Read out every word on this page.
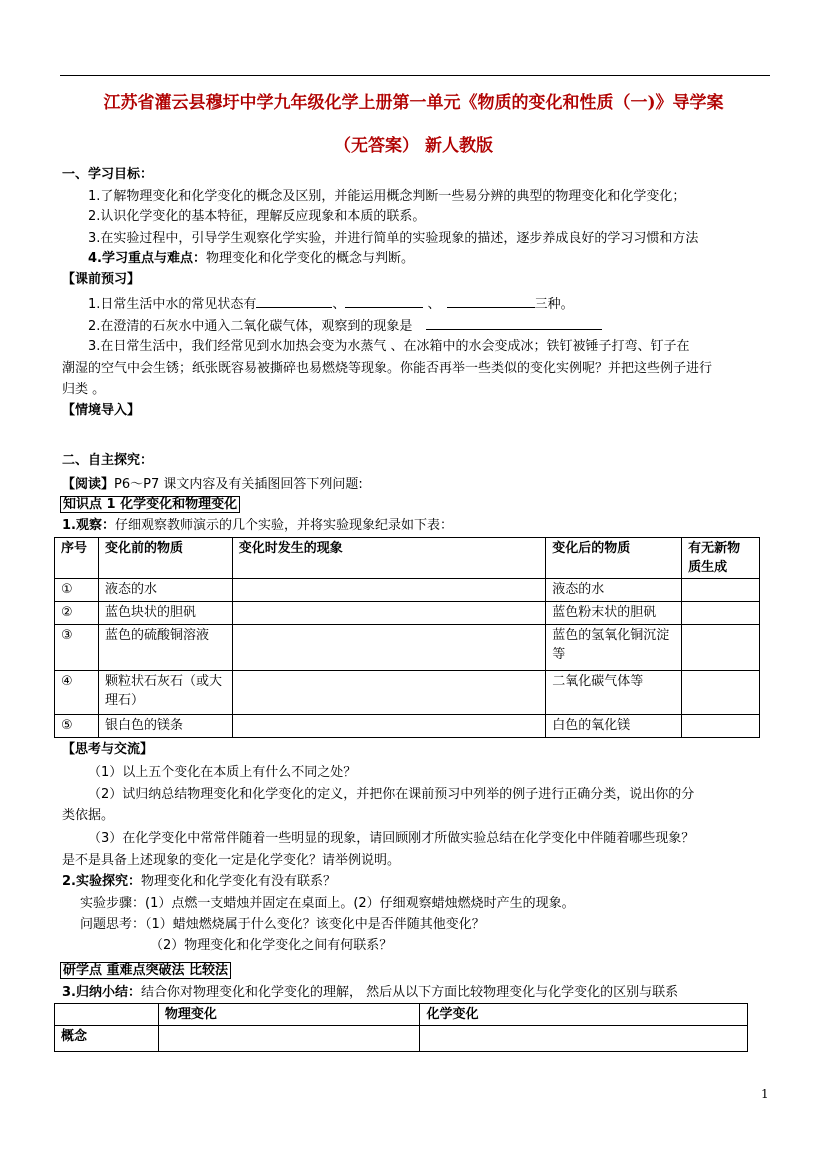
江苏省灌云县穆圩中学九年级化学上册第一单元《物质的变化和性质（一)》导学案
（无答案） 新人教版
一、学习目标：
1.了解物理变化和化学变化的概念及区别，并能运用概念判断一些易分辨的典型的物理变化和化学变化；
2.认识化学变化的基本特征，理解反应现象和本质的联系。
3.在实验过程中，引导学生观察化学实验，并进行简单的实验现象的描述，逐步养成良好的学习习惯和方法
4.学习重点与难点：物理变化和化学变化的概念与判断。
【课前预习】
1.日常生活中水的常见状态有	、	、	三种。
2.在澄清的石灰水中通入二氧化碳气体，观察到的现象是
3.在日常生活中，我们经常见到水加热会变为水蒸气 、在冰箱中的水会变成冰；铁钉被锤子打弯、钉子在
潮湿的空气中会生锈；纸张既容易被撕碎也易燃烧等现象。你能否再举一些类似的变化实例呢？并把这些例子进行
归类 。
【情境导入】
二、自主探究：
【阅读】P6～P7 课文内容及有关插图回答下列问题:
知识点 1 化学变化和物理变化
1.观察：仔细观察教师演示的几个实验，并将实验现象纪录如下表：
序号	变化前的物质	变化时发生的现象	变化后的物质	有无新物质生成
①	液态的水		液态的水	
②	蓝色块状的胆矾		蓝色粉末状的胆矾	
③	蓝色的硫酸铜溶液		蓝色的氢氧化铜沉淀等	
④	颗粒状石灰石（或大理石）		二氧化碳气体等	
⑤	银白色的镁条		白色的氧化镁	
【思考与交流】
（1）以上五个变化在本质上有什么不同之处？
（2）试归纳总结物理变化和化学变化的定义，并把你在课前预习中列举的例子进行正确分类，说出你的分
类依据。
（3）在化学变化中常常伴随着一些明显的现象，请回顾刚才所做实验总结在化学变化中伴随着哪些现象？
是不是具备上述现象的变化一定是化学变化？请举例说明。
2.实验探究：物理变化和化学变化有没有联系？
实验步骤：(1）点燃一支蜡烛并固定在桌面上。(2）仔细观察蜡烛燃烧时产生的现象。
问题思考：（1）蜡烛燃烧属于什么变化？该变化中是否伴随其他变化？
（2）物理变化和化学变化之间有何联系？
研学点 重难点突破法 比较法
3.归纳小结：结合你对物理变化和化学变化的理解， 然后从以下方面比较物理变化与化学变化的区别与联系
	物理变化	化学变化
概念		
1
